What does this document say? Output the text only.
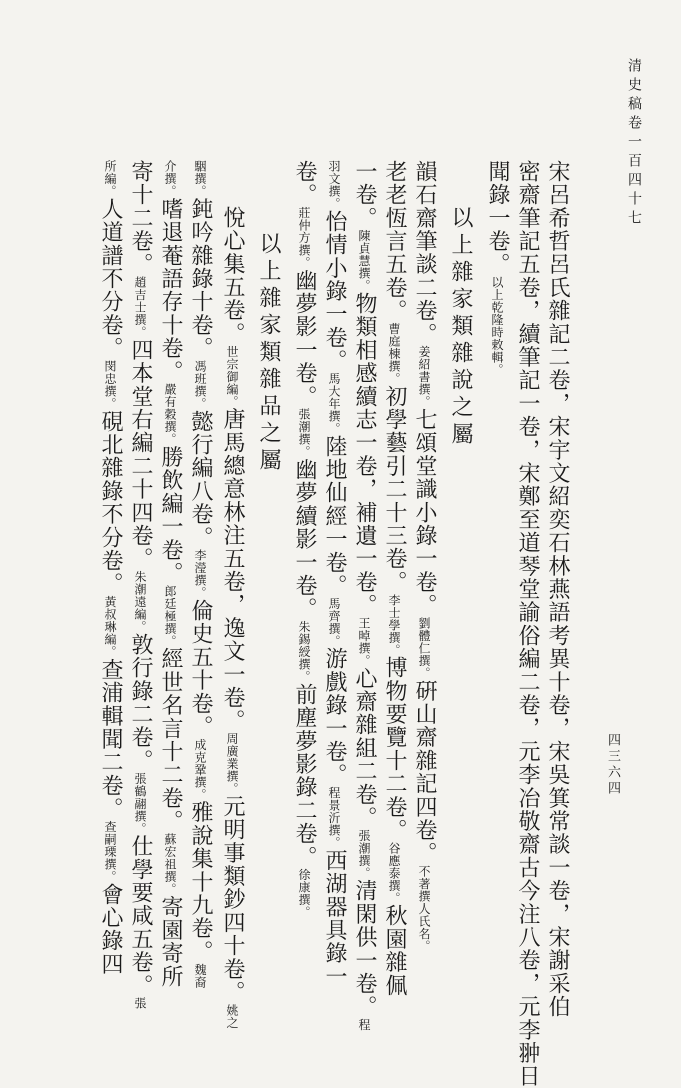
清史稿卷一百四十七
四三六四
宋呂希哲呂氏雜記二卷，宋宇文紹奕石林燕語考異十卷，宋吳箕常談一卷，宋謝采伯
密齋筆記五卷，續筆記一卷，宋鄭至道琴堂諭俗編二卷，元李冶敬齋古今注八卷，元李翀日
聞錄一卷。以上乾隆時敕輯。
以上雜家類雜說之屬
韻石齋筆談二卷。姜紹書撰。七頌堂識小錄一卷。劉體仁撰。硏山齋雜記四卷。不著撰人氏名。
老老恆言五卷。曹庭棟撰。初學藝引二十三卷。李士學撰。博物要覽十二卷。谷應泰撰。秋園雜佩
一卷。陳貞慧撰。物類相感續志一卷，補遺一卷。王晫撰。心齋雜組二卷。張潮撰。清閑供一卷。程
羽文撰。怡情小錄一卷。馬大年撰。陸地仙經一卷。馬齊撰。游戲錄一卷。程景沂撰。西湖器具錄一
卷。莊仲方撰。幽夢影一卷。張潮撰。幽夢續影一卷。朱錫綬撰。前塵夢影錄二卷。徐康撰。
以上雜家類雜品之屬
悅心集五卷。世宗御編。唐馬總意林注五卷，逸文一卷。周廣業撰。元明事類鈔四十卷。姚之
駰撰。鈍吟雜錄十卷。馮班撰。懿行編八卷。李瀅撰。倫史五十卷。成克鞏撰。雅說集十九卷。魏裔
介撰。嗜退菴語存十卷。嚴有穀撰。勝飲編一卷。郎廷極撰。經世名言十二卷。蘇宏祖撰。寄園寄所
寄十二卷。趙吉士撰。四本堂右編二十四卷。朱潮遠編。敦行錄二卷。張鶴翮撰。仕學要咸五卷。張
所編。人道譜不分卷。閔忠撰。硯北雜錄不分卷。黃叔琳編。查浦輯聞二卷。查嗣瑮撰。會心錄四
